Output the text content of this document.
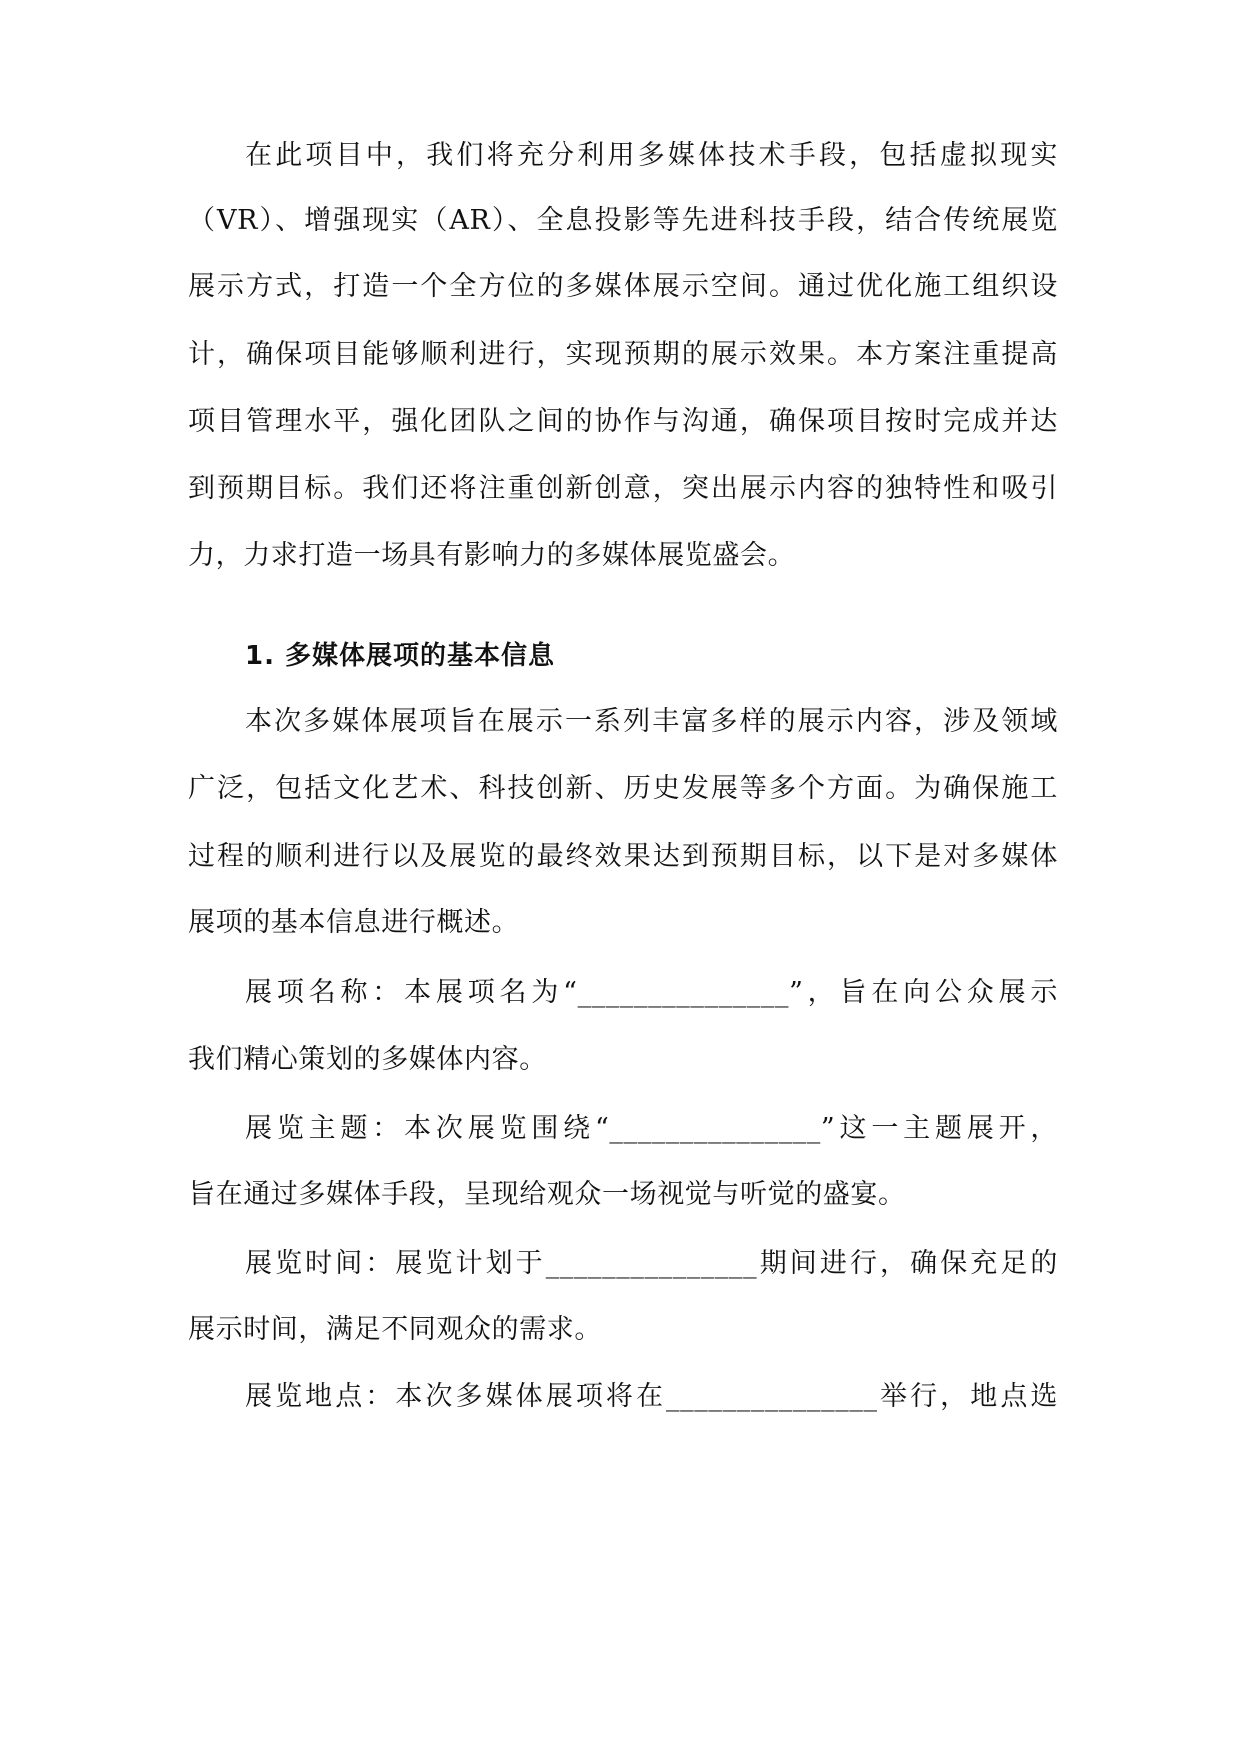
在此项目中，我们将充分利用多媒体技术手段，包括虚拟现实
（VR）、增强现实（AR）、全息投影等先进科技手段，结合传统展览
展示方式，打造一个全方位的多媒体展示空间。通过优化施工组织设
计，确保项目能够顺利进行，实现预期的展示效果。本方案注重提高
项目管理水平，强化团队之间的协作与沟通，确保项目按时完成并达
到预期目标。我们还将注重创新创意，突出展示内容的独特性和吸引
力，力求打造一场具有影响力的多媒体展览盛会。
1. 多媒体展项的基本信息
本次多媒体展项旨在展示一系列丰富多样的展示内容，涉及领域
广泛，包括文化艺术、科技创新、历史发展等多个方面。为确保施工
过程的顺利进行以及展览的最终效果达到预期目标，以下是对多媒体
展项的基本信息进行概述。
展项名称：本展项名为“_______________”，旨在向公众展示
我们精心策划的多媒体内容。
展览主题：本次展览围绕“_______________”这一主题展开，
旨在通过多媒体手段，呈现给观众一场视觉与听觉的盛宴。
展览时间：展览计划于_______________期间进行，确保充足的
展示时间，满足不同观众的需求。
展览地点：本次多媒体展项将在_______________举行，地点选
